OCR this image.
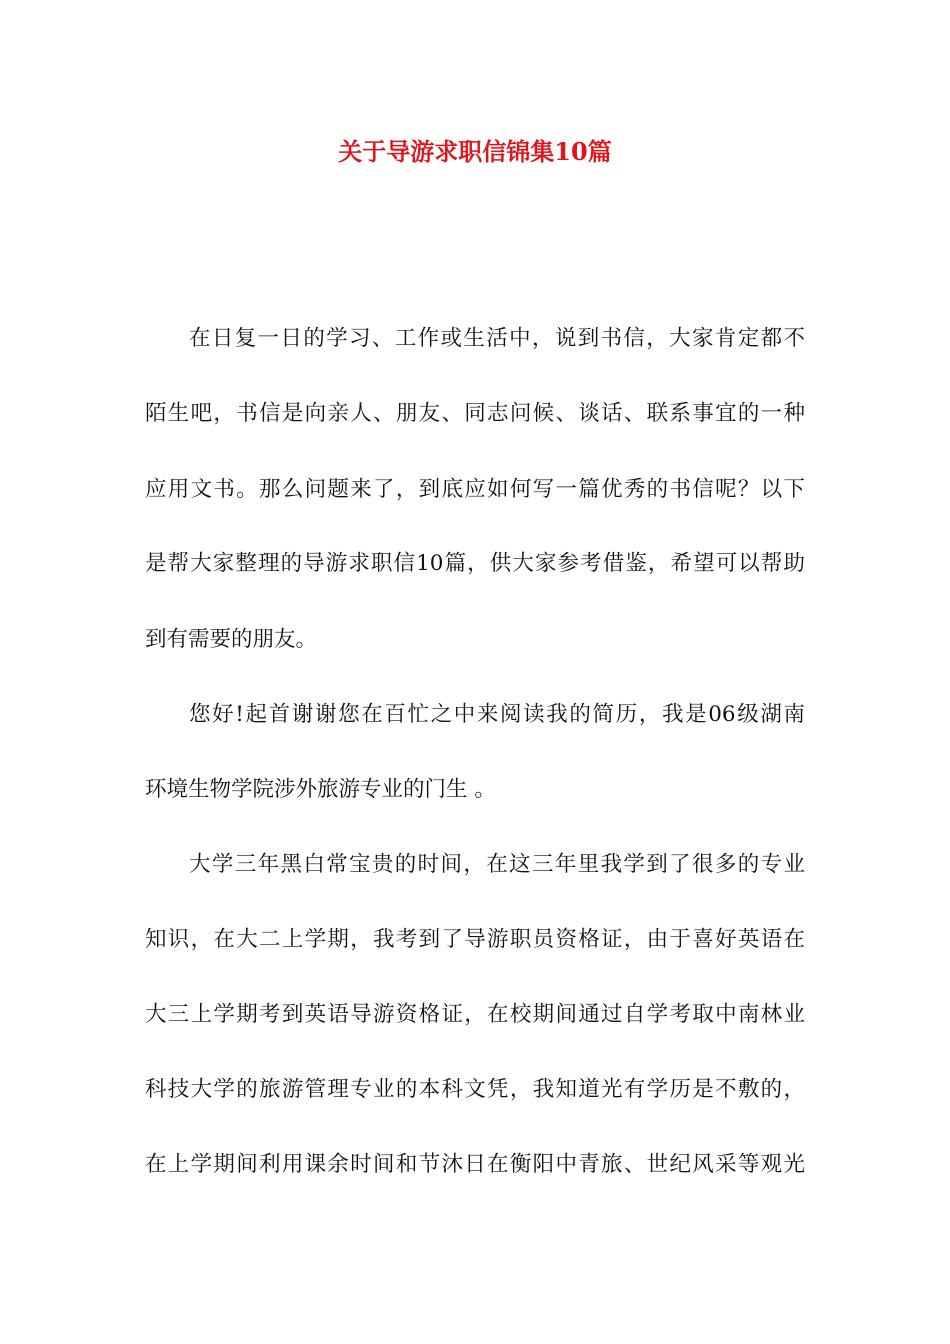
关于导游求职信锦集10篇

在日复一日的学习、工作或生活中，说到书信，大家肯定都不

陌生吧，书信是向亲人、朋友、同志问候、谈话、联系事宜的一种

应用文书。那么问题来了，到底应如何写一篇优秀的书信呢？以下

是帮大家整理的导游求职信10篇，供大家参考借鉴，希望可以帮助

到有需要的朋友。

您好!起首谢谢您在百忙之中来阅读我的简历，我是06级湖南

环境生物学院涉外旅游专业的门生 。

大学三年黑白常宝贵的时间，在这三年里我学到了很多的专业

知识，在大二上学期，我考到了导游职员资格证，由于喜好英语在

大三上学期考到英语导游资格证，在校期间通过自学考取中南林业

科技大学的旅游管理专业的本科文凭，我知道光有学历是不敷的，

在上学期间利用课余时间和节沐日在衡阳中青旅、世纪风采等观光
